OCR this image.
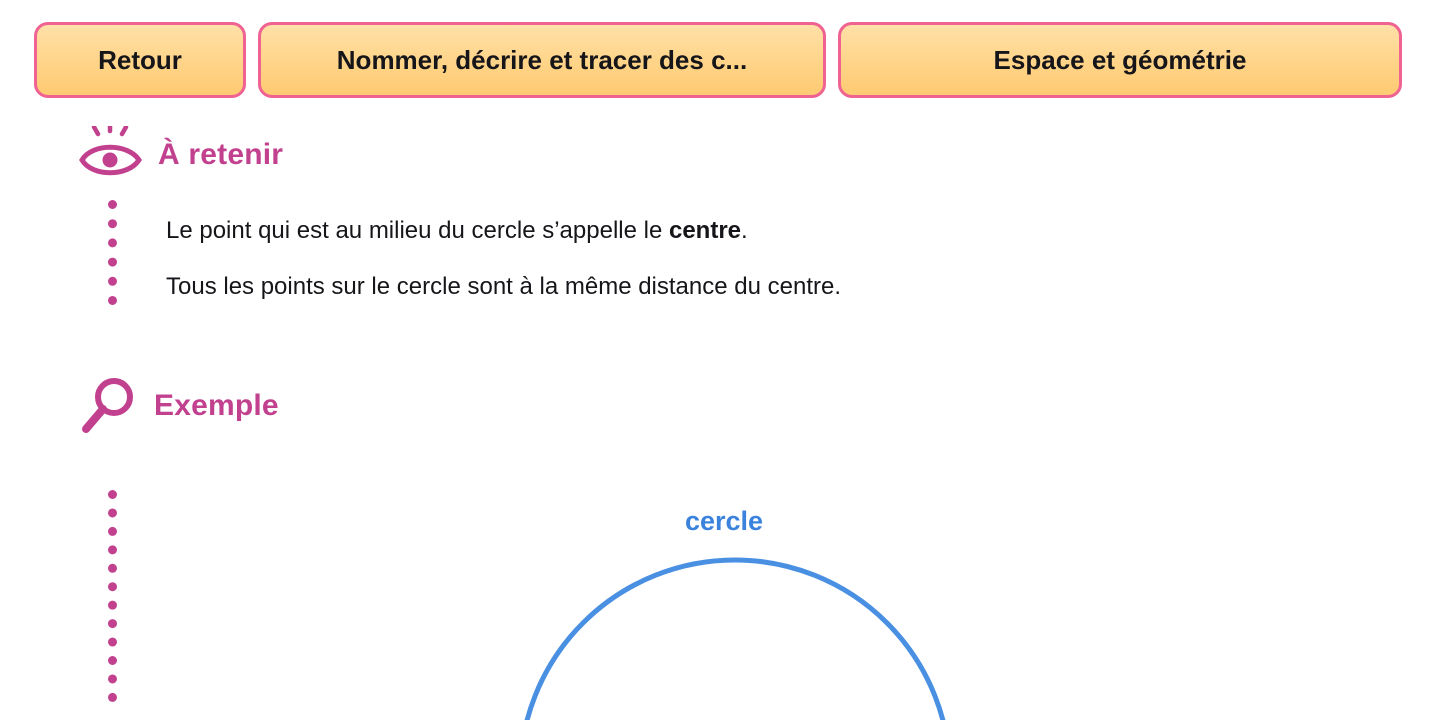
Retour	Nommer, décrire et tracer des c...	Espace et géométrie
À retenir
Le point qui est au milieu du cercle s’appelle le centre.
Tous les points sur le cercle sont à la même distance du centre.
Exemple
cercle
